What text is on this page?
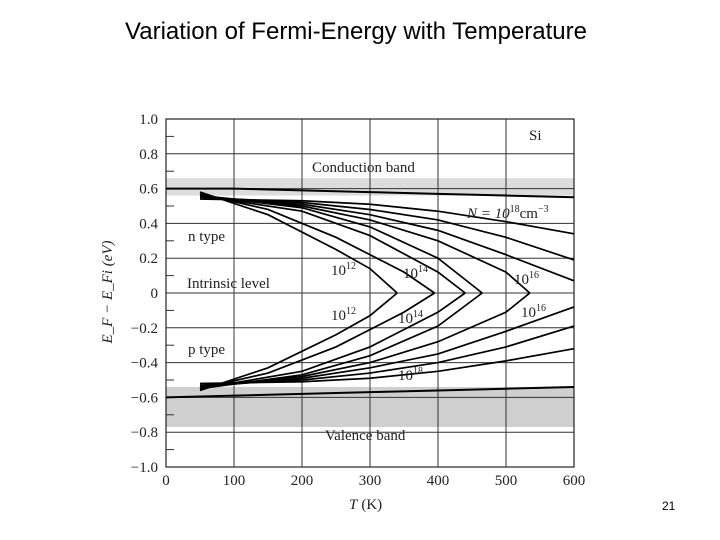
Variation of Fermi-Energy with Temperature
1.0
0.8
0.6
0.4
0.2
0
−0.2
−0.4
−0.6
−0.8
−1.0
0	100	200	300	400	500	600
Si
Conduction band
Valence band
n type
p type
Intrinsic level
$N = 10^{18}cm^{-3}$
$10^{12}$	$10^{14}$
$10^{16}$
$10^{12}$	$10^{14}$	$10^{16}$
$10^{18}$
T (K)
E_F − E_Fi (eV)
21
